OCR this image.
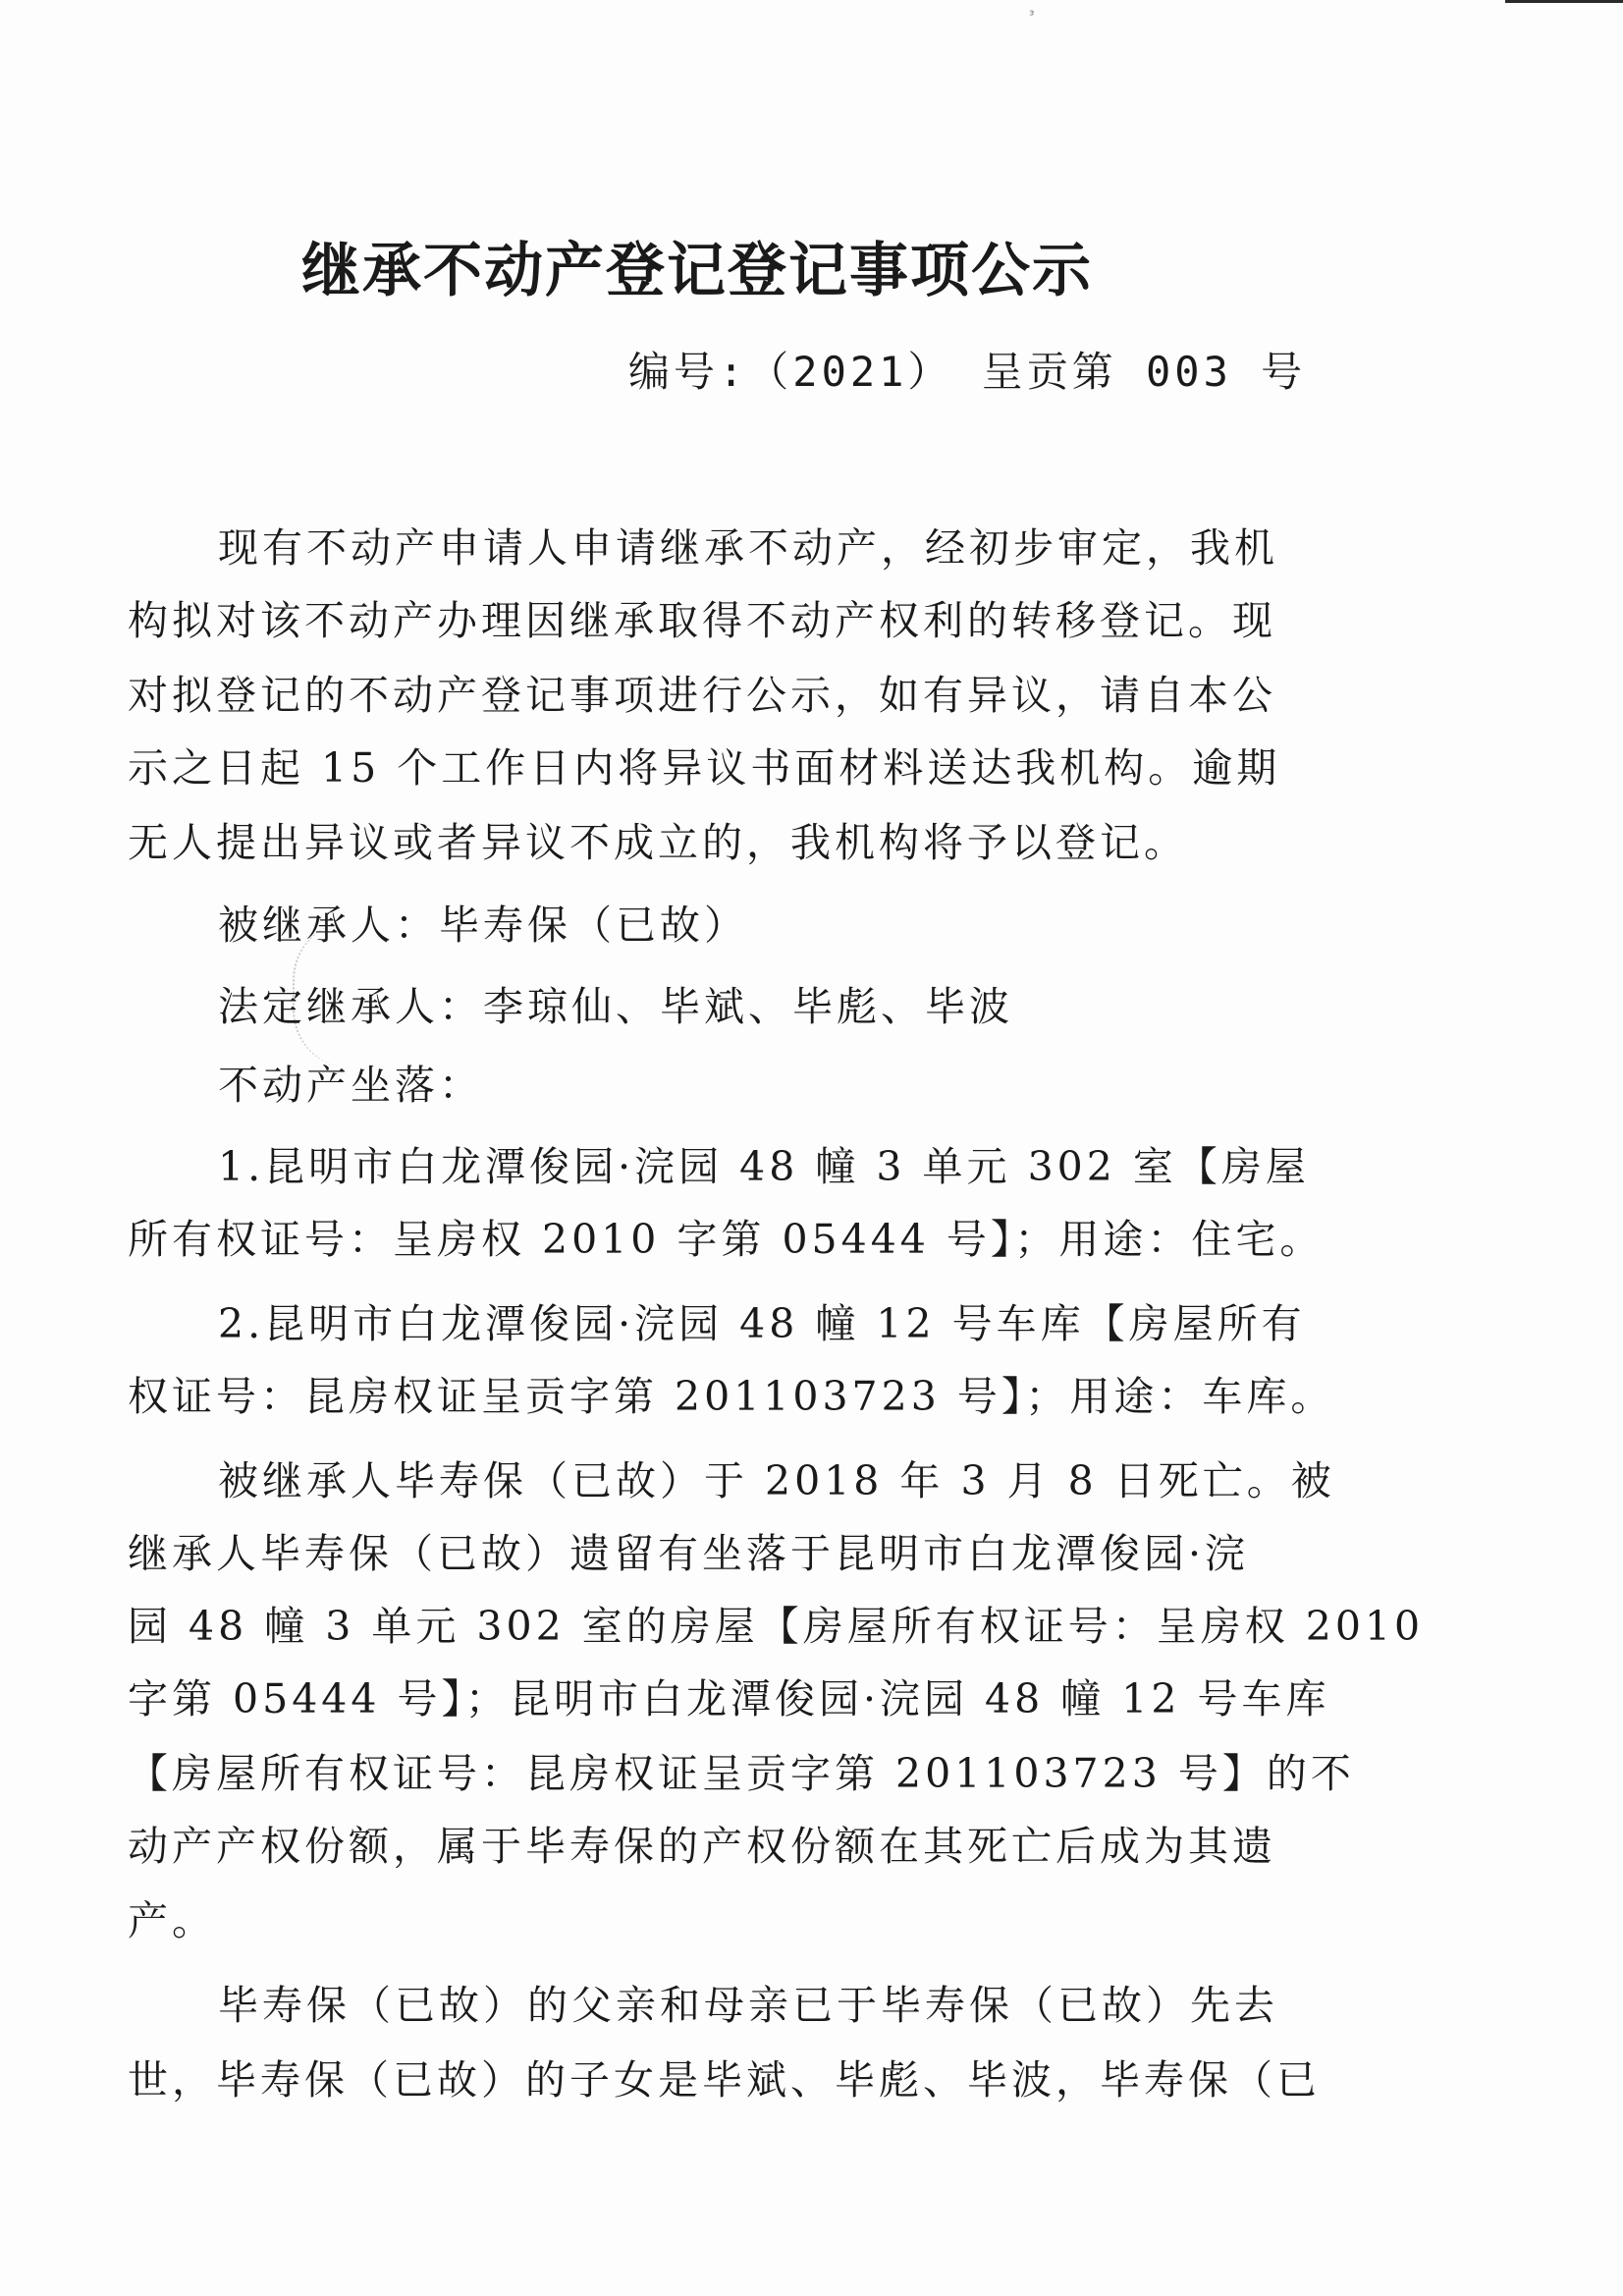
ᵌ
继承不动产登记登记事项公示
编号:（2021） 呈贡第 003 号
现有不动产申请人申请继承不动产，经初步审定，我机
构拟对该不动产办理因继承取得不动产权利的转移登记。现
对拟登记的不动产登记事项进行公示，如有异议，请自本公
示之日起 15 个工作日内将异议书面材料送达我机构。逾期
无人提出异议或者异议不成立的，我机构将予以登记。
被继承人：毕寿保（已故）
法定继承人：李琼仙、毕斌、毕彪、毕波
不动产坐落：
1.昆明市白龙潭俊园·浣园 48 幢 3 单元 302 室【房屋
所有权证号：呈房权 2010 字第 05444 号】；用途：住宅。
2.昆明市白龙潭俊园·浣园 48 幢 12 号车库【房屋所有
权证号：昆房权证呈贡字第 201103723 号】；用途：车库。
被继承人毕寿保（已故）于 2018 年 3 月 8 日死亡。被
继承人毕寿保（已故）遗留有坐落于昆明市白龙潭俊园·浣
园 48 幢 3 单元 302 室的房屋【房屋所有权证号：呈房权 2010
字第 05444 号】；昆明市白龙潭俊园·浣园 48 幢 12 号车库
【房屋所有权证号：昆房权证呈贡字第 201103723 号】的不
动产产权份额，属于毕寿保的产权份额在其死亡后成为其遗
产。
毕寿保（已故）的父亲和母亲已于毕寿保（已故）先去
世，毕寿保（已故）的子女是毕斌、毕彪、毕波，毕寿保（已
